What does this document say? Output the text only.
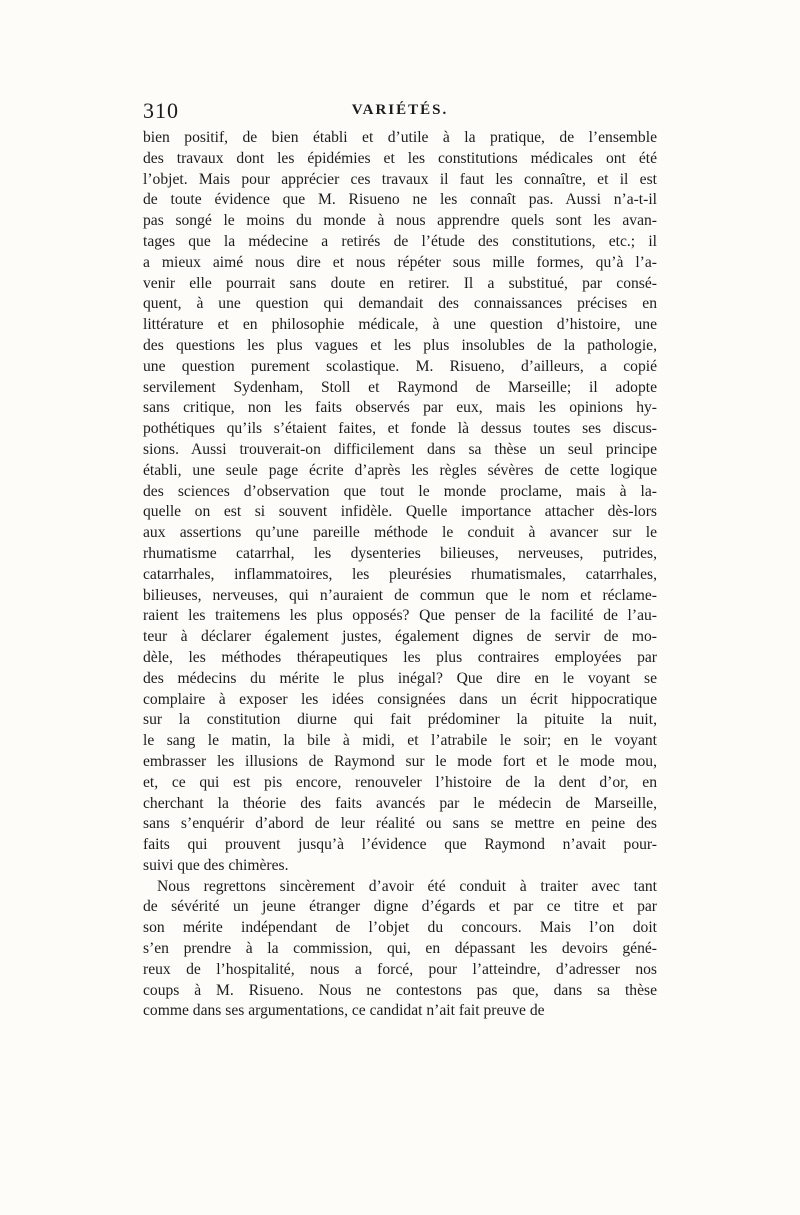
310	VARIÉTÉS.
bien positif, de bien établi et d’utile à la pratique, de l’ensemble
des travaux dont les épidémies et les constitutions médicales ont été
l’objet. Mais pour apprécier ces travaux il faut les connaître, et il est
de toute évidence que M. Risueno ne les connaît pas. Aussi n’a-t-il
pas songé le moins du monde à nous apprendre quels sont les avan-
tages que la médecine a retirés de l’étude des constitutions, etc.; il
a mieux aimé nous dire et nous répéter sous mille formes, qu’à l’a-
venir elle pourrait sans doute en retirer. Il a substitué, par consé-
quent, à une question qui demandait des connaissances précises en
littérature et en philosophie médicale, à une question d’histoire, une
des questions les plus vagues et les plus insolubles de la pathologie,
une question purement scolastique. M. Risueno, d’ailleurs, a copié
servilement Sydenham, Stoll et Raymond de Marseille; il adopte
sans critique, non les faits observés par eux, mais les opinions hy-
pothétiques qu’ils s’étaient faites, et fonde là dessus toutes ses discus-
sions. Aussi trouverait-on difficilement dans sa thèse un seul principe
établi, une seule page écrite d’après les règles sévères de cette logique
des sciences d’observation que tout le monde proclame, mais à la-
quelle on est si souvent infidèle. Quelle importance attacher dès-lors
aux assertions qu’une pareille méthode le conduit à avancer sur le
rhumatisme catarrhal, les dysenteries bilieuses, nerveuses, putrides,
catarrhales, inflammatoires, les pleurésies rhumatismales, catarrhales,
bilieuses, nerveuses, qui n’auraient de commun que le nom et réclame-
raient les traitemens les plus opposés? Que penser de la facilité de l’au-
teur à déclarer également justes, également dignes de servir de mo-
dèle, les méthodes thérapeutiques les plus contraires employées par
des médecins du mérite le plus inégal? Que dire en le voyant se
complaire à exposer les idées consignées dans un écrit hippocratique
sur la constitution diurne qui fait prédominer la pituite la nuit,
le sang le matin, la bile à midi, et l’atrabile le soir; en le voyant
embrasser les illusions de Raymond sur le mode fort et le mode mou,
et, ce qui est pis encore, renouveler l’histoire de la dent d’or, en
cherchant la théorie des faits avancés par le médecin de Marseille,
sans s’enquérir d’abord de leur réalité ou sans se mettre en peine des
faits qui prouvent jusqu’à l’évidence que Raymond n’avait pour-
suivi que des chimères.
Nous regrettons sincèrement d’avoir été conduit à traiter avec tant
de sévérité un jeune étranger digne d’égards et par ce titre et par
son mérite indépendant de l’objet du concours. Mais l’on doit
s’en prendre à la commission, qui, en dépassant les devoirs géné-
reux de l’hospitalité, nous a forcé, pour l’atteindre, d’adresser nos
coups à M. Risueno. Nous ne contestons pas que, dans sa thèse
comme dans ses argumentations, ce candidat n’ait fait preuve de
